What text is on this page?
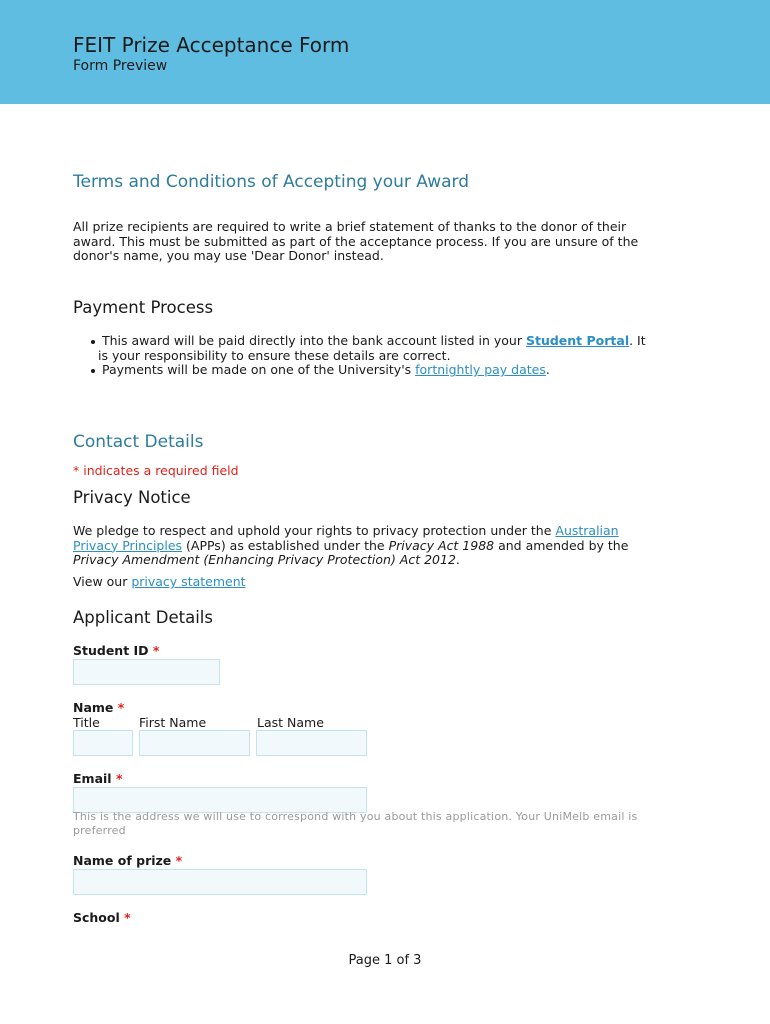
FEIT Prize Acceptance Form
Form Preview
Terms and Conditions of Accepting your Award
All prize recipients are required to write a brief statement of thanks to the donor of their
award. This must be submitted as part of the acceptance process. If you are unsure of the
donor's name, you may use 'Dear Donor' instead.
Payment Process
This award will be paid directly into the bank account listed in your Student Portal. It
is your responsibility to ensure these details are correct.
Payments will be made on one of the University's fortnightly pay dates.
Contact Details
* indicates a required field
Privacy Notice
We pledge to respect and uphold your rights to privacy protection under the Australian
Privacy Principles (APPs) as established under the Privacy Act 1988 and amended by the
Privacy Amendment (Enhancing Privacy Protection) Act 2012.
View our privacy statement
Applicant Details
Student ID *
Name *
Title	First Name	Last Name
Email *
This is the address we will use to correspond with you about this application. Your UniMelb email is
preferred
Name of prize *
School *
Page 1 of 3
